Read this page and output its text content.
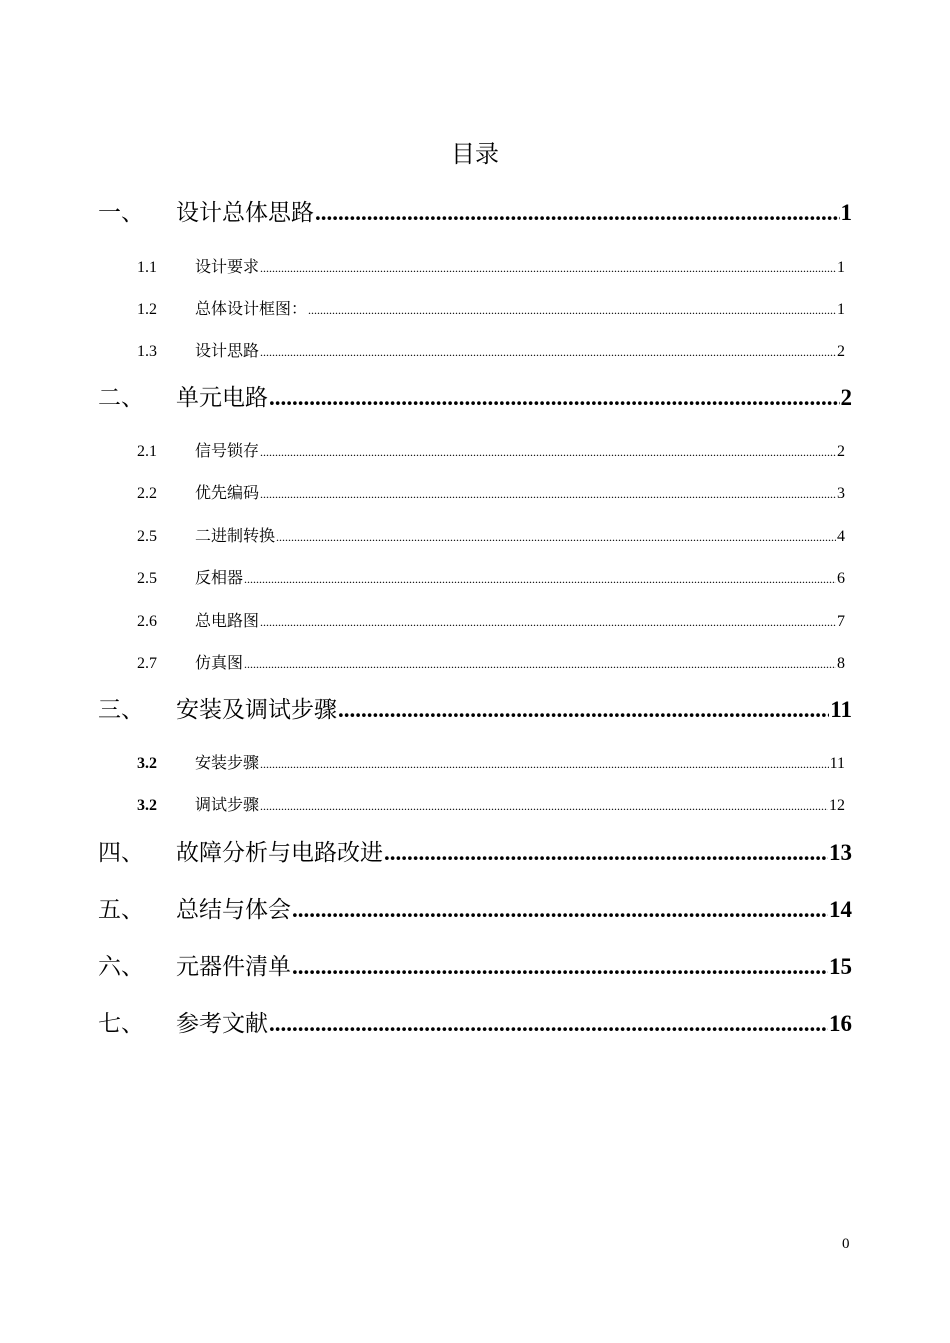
目录
一、 设计总体思路 .....	1
1.1 设计要求 .....	1
1.2 总体设计框图： .....	1
1.3 设计思路 .....	2
二、 单元电路 .....	2
2.1 信号锁存 .....	2
2.2 优先编码 .....	3
2.5 二进制转换 .....	4
2.5 反相器 .....	6
2.6 总电路图 .....	7
2.7 仿真图 .....	8
三、 安装及调试步骤 .....	11
3.2 安装步骤 .....	11
3.2 调试步骤 .....	12
四、 故障分析与电路改进 .....	13
五、 总结与体会 .....	14
六、 元器件清单 .....	15
七、 参考文献 .....	16
0
